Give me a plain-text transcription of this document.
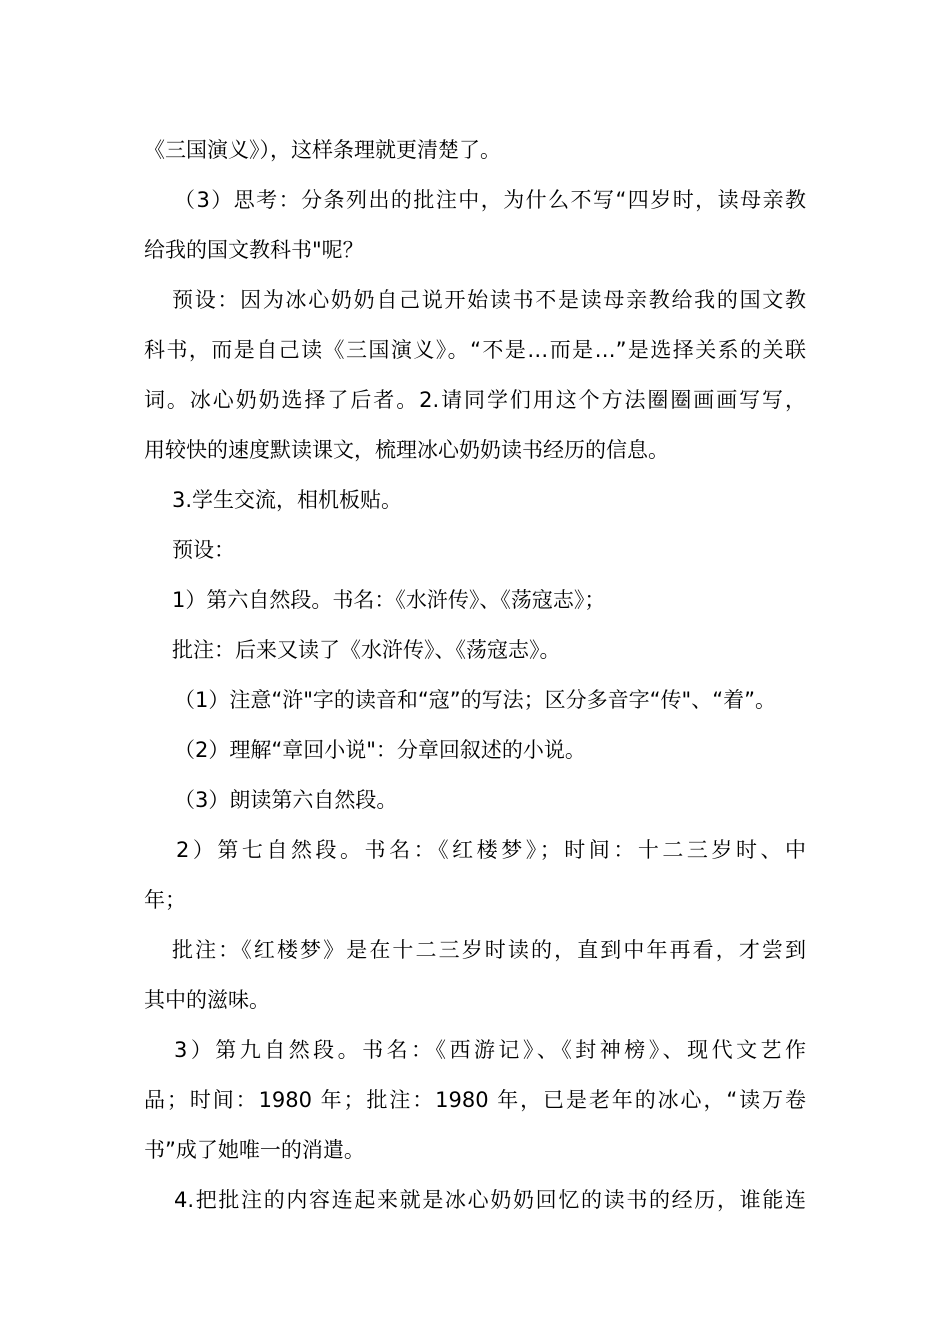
《三国演义》），这样条理就更清楚了。
（3）思考：分条列出的批注中，为什么不写“四岁时，读母亲教
给我的国文教科书"呢？
预设：因为冰心奶奶自己说开始读书不是读母亲教给我的国文教
科书，而是自己读《三国演义》。“不是…而是…”是选择关系的关联
词。冰心奶奶选择了后者。2.请同学们用这个方法圈圈画画写写，
用较快的速度默读课文，梳理冰心奶奶读书经历的信息。
3.学生交流，相机板贴。
预设：
1）第六自然段。书名：《水浒传》、《荡寇志》；
批注：后来又读了《水浒传》、《荡寇志》。
（1）注意“浒"字的读音和“寇”的写法；区分多音字“传"、“着”。
（2）理解“章回小说"：分章回叙述的小说。
（3）朗读第六自然段。
2）第七自然段。书名：《红楼梦》；时间：十二三岁时、中
年；
批注：《红楼梦》是在十二三岁时读的，直到中年再看，才尝到
其中的滋味。
3）第九自然段。书名：《西游记》、《封神榜》、现代文艺作
品；时间：1980 年；批注：1980 年，已是老年的冰心，“读万卷
书”成了她唯一的消遣。
4.把批注的内容连起来就是冰心奶奶回忆的读书的经历，谁能连
